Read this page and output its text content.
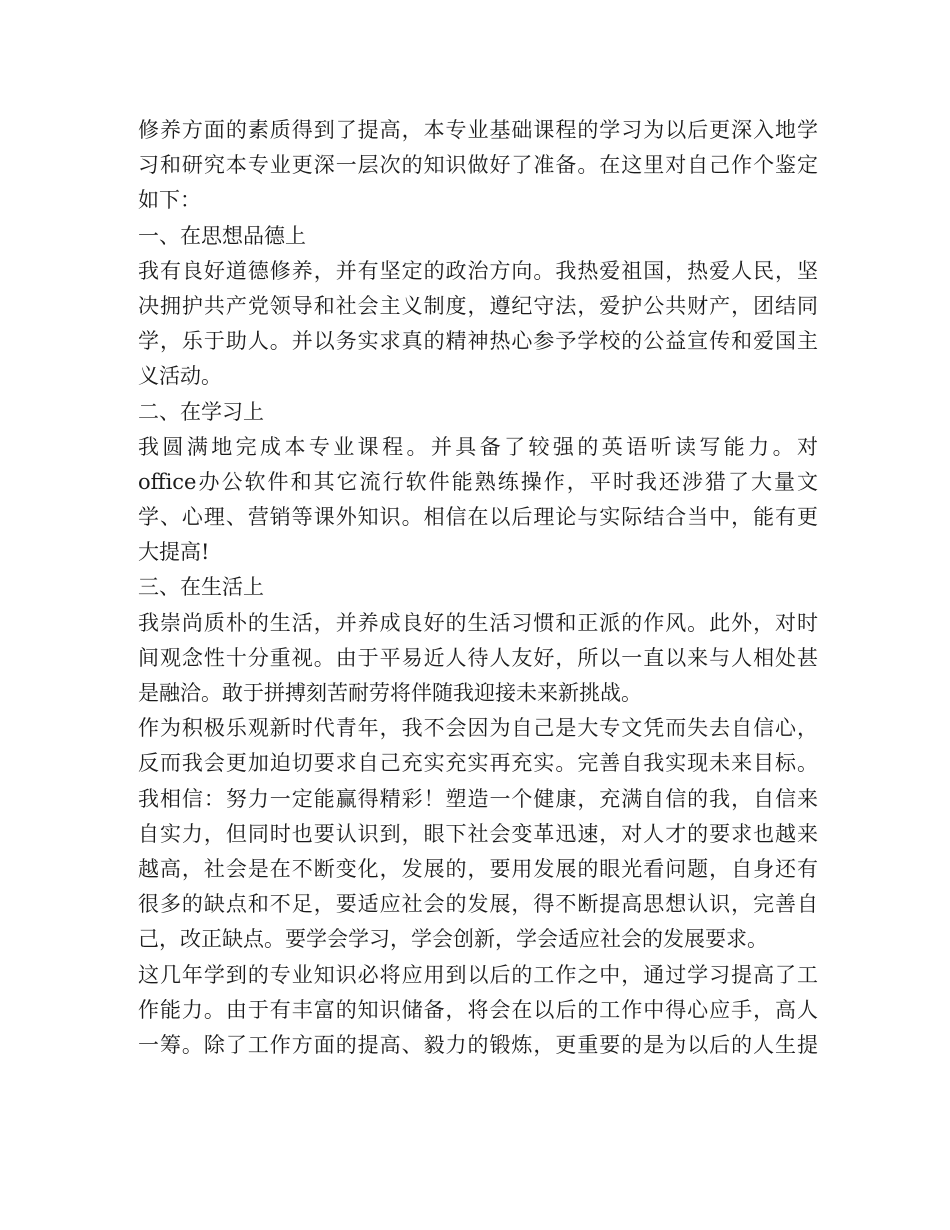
修养方面的素质得到了提高，本专业基础课程的学习为以后更深入地学
习和研究本专业更深一层次的知识做好了准备。在这里对自己作个鉴定
如下：
一、在思想品德上
我有良好道德修养，并有坚定的政治方向。我热爱祖国，热爱人民，坚
决拥护共产党领导和社会主义制度，遵纪守法，爱护公共财产，团结同
学，乐于助人。并以务实求真的精神热心参予学校的公益宣传和爱国主
义活动。
二、在学习上
我圆满地完成本专业课程。并具备了较强的英语听读写能力。对
office办公软件和其它流行软件能熟练操作，平时我还涉猎了大量文
学、心理、营销等课外知识。相信在以后理论与实际结合当中，能有更
大提高!
三、在生活上
我崇尚质朴的生活，并养成良好的生活习惯和正派的作风。此外，对时
间观念性十分重视。由于平易近人待人友好，所以一直以来与人相处甚
是融洽。敢于拼搏刻苦耐劳将伴随我迎接未来新挑战。
作为积极乐观新时代青年，我不会因为自己是大专文凭而失去自信心，
反而我会更加迫切要求自己充实充实再充实。完善自我实现未来目标。
我相信：努力一定能赢得精彩！塑造一个健康，充满自信的我，自信来
自实力，但同时也要认识到，眼下社会变革迅速，对人才的要求也越来
越高，社会是在不断变化，发展的，要用发展的眼光看问题，自身还有
很多的缺点和不足，要适应社会的发展，得不断提高思想认识，完善自
己，改正缺点。要学会学习，学会创新，学会适应社会的发展要求。
这几年学到的专业知识必将应用到以后的工作之中，通过学习提高了工
作能力。由于有丰富的知识储备，将会在以后的工作中得心应手，高人
一筹。除了工作方面的提高、毅力的锻炼，更重要的是为以后的人生提
